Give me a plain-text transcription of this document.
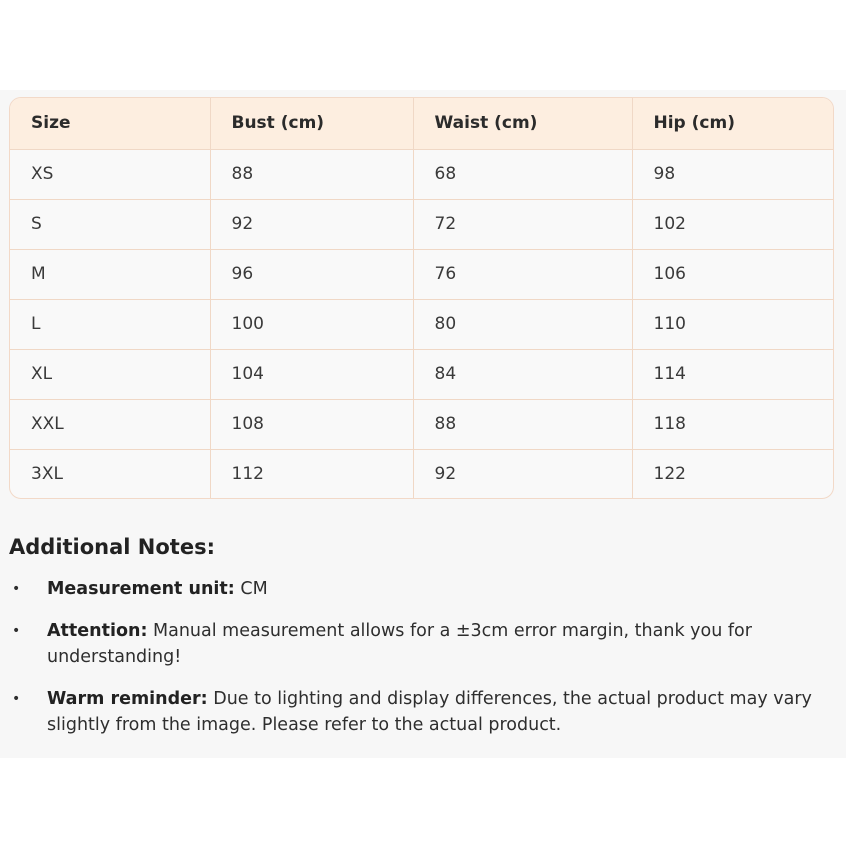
Size	Bust (cm)	Waist (cm)	Hip (cm)
XS	88	68	98
S	92	72	102
M	96	76	106
L	100	80	110
XL	104	84	114
XXL	108	88	118
3XL	112	92	122
Additional Notes:
• Measurement unit: CM
• Attention: Manual measurement allows for a ±3cm error margin, thank you for understanding!
• Warm reminder: Due to lighting and display differences, the actual product may vary slightly from the image. Please refer to the actual product.
